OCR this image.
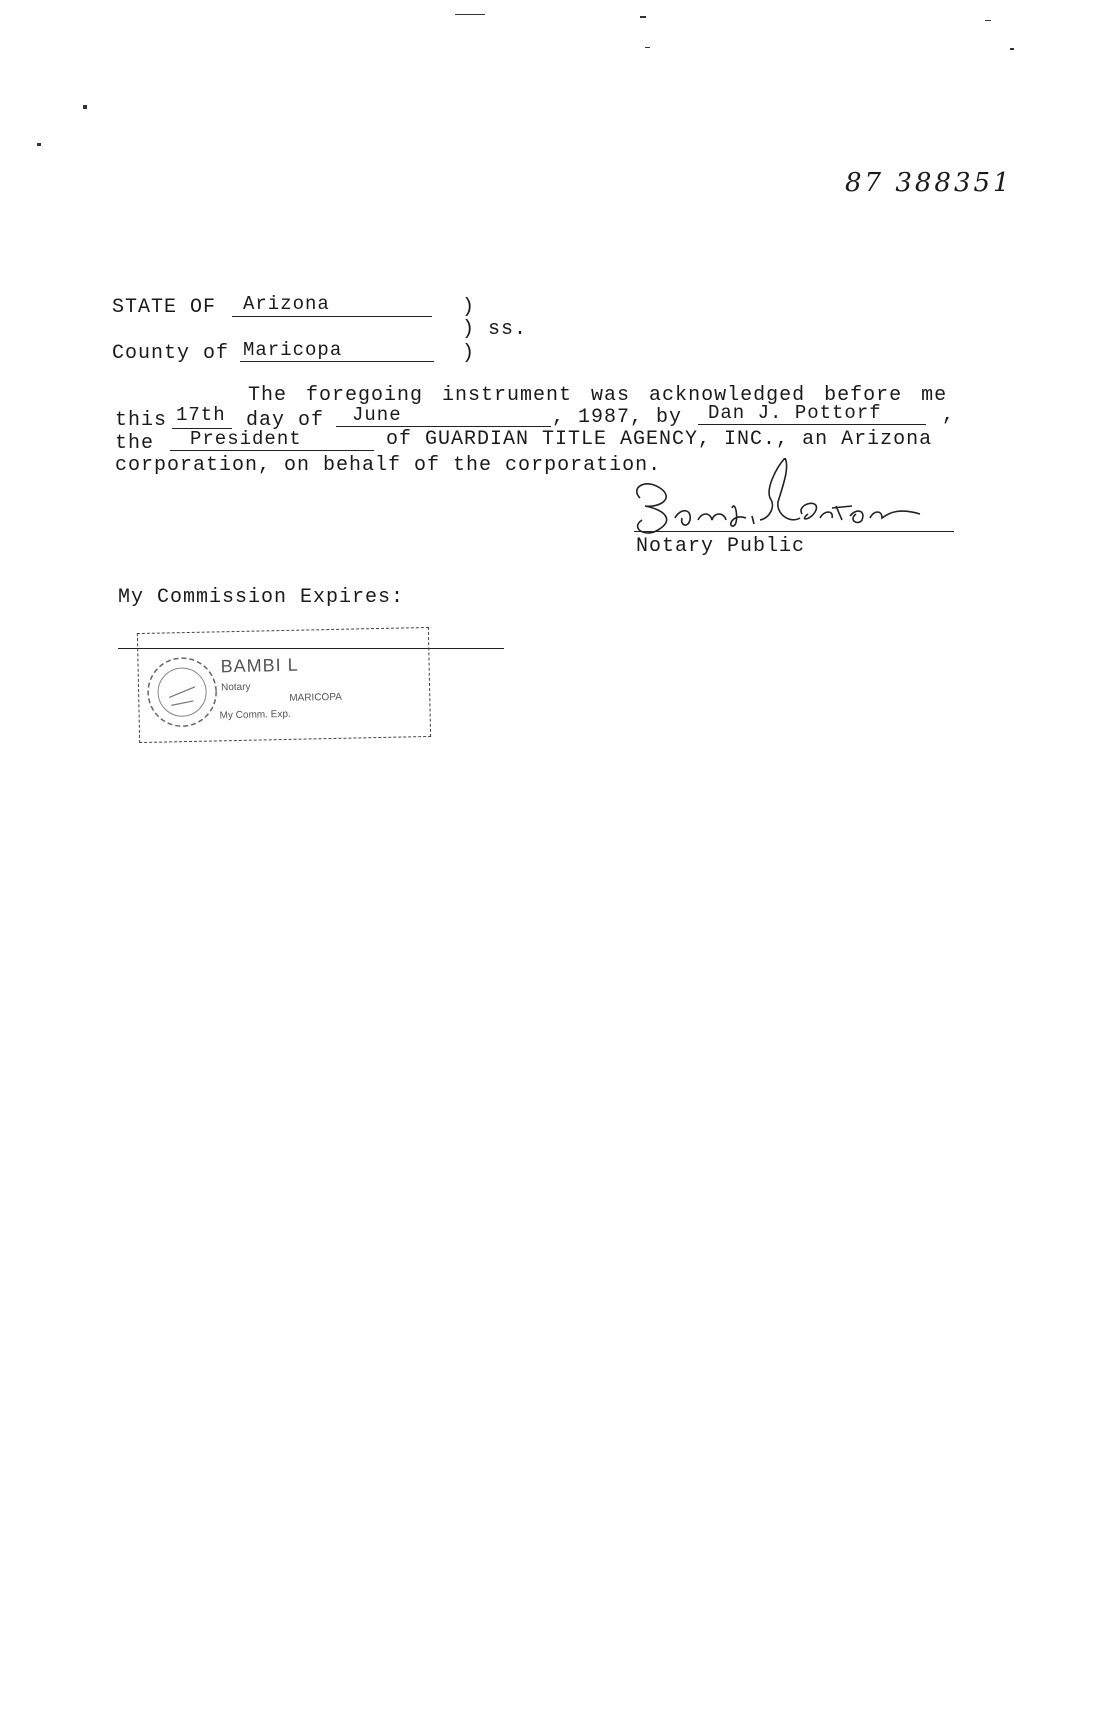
87 388351
STATE OF Arizona	)
) ss.
County of Maricopa	)
The foregoing instrument was acknowledged before me
this 17th day of June	, 1987, by Dan J. Pottorf	,
the President	of GUARDIAN TITLE AGENCY, INC., an Arizona
corporation, on behalf of the corporation.
Notary Public
My Commission Expires:
BAMBI L
Notary
MARICOPA
My Comm. Exp.
